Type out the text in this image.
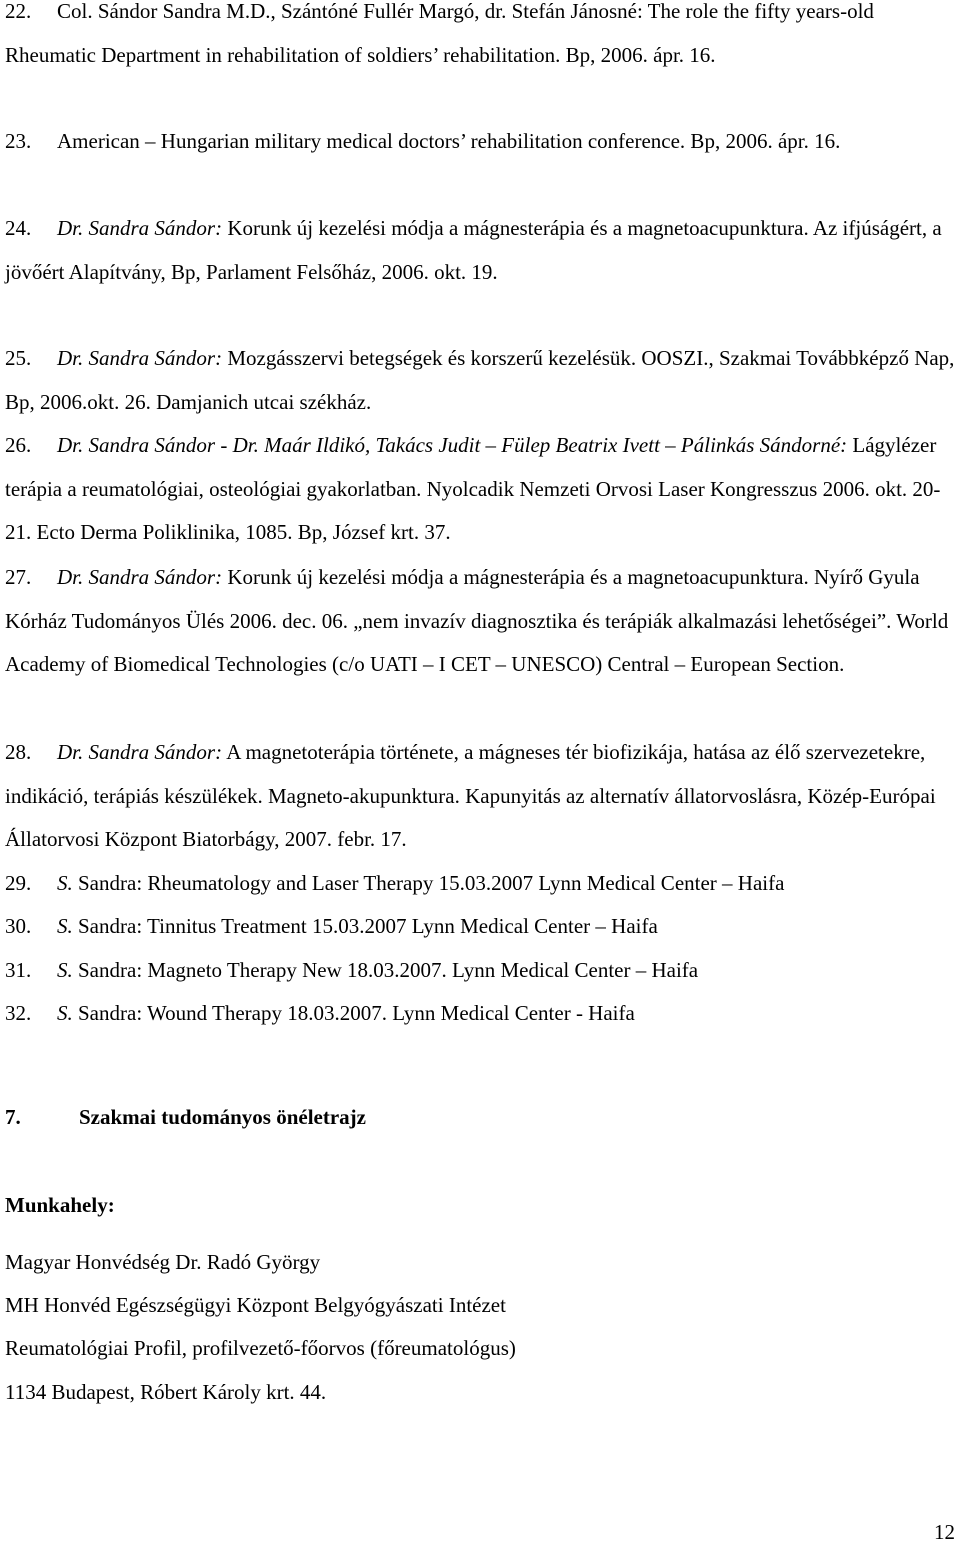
22. Col. Sándor Sandra M.D., Szántóné Fullér Margó, dr. Stefán Jánosné: The role the fifty years-old Rheumatic Department in rehabilitation of soldiers’ rehabilitation. Bp, 2006. ápr. 16.

23. American – Hungarian military medical doctors’ rehabilitation conference. Bp, 2006. ápr. 16.

24. Dr. Sandra Sándor: Korunk új kezelési módja a mágnesterápia és a magnetoacupunktura. Az ifjúságért, a jövőért Alapítvány, Bp, Parlament Felsőház, 2006. okt. 19.

25. Dr. Sandra Sándor: Mozgásszervi betegségek és korszerű kezelésük. OOSZI., Szakmai Továbbképző Nap, Bp, 2006.okt. 26. Damjanich utcai székház.

26. Dr. Sandra Sándor - Dr. Maár Ildikó, Takács Judit – Fülep Beatrix Ivett – Pálinkás Sándorné: Lágylézer terápia a reumatológiai, osteológiai gyakorlatban. Nyolcadik Nemzeti Orvosi Laser Kongresszus 2006. okt. 20-21. Ecto Derma Poliklinika, 1085. Bp, József krt. 37.

27. Dr. Sandra Sándor: Korunk új kezelési módja a mágnesterápia és a magnetoacupunktura. Nyírő Gyula Kórház Tudományos Ülés 2006. dec. 06. „nem invazív diagnosztika és terápiák alkalmazási lehetőségei”. World Academy of Biomedical Technologies (c/o UATI – I CET – UNESCO) Central – European Section.

28. Dr. Sandra Sándor: A magnetoterápia története, a mágneses tér biofizikája, hatása az élő szervezetekre, indikáció, terápiás készülékek. Magneto-akupunktura. Kapunyitás az alternatív állatorvoslásra, Közép-Európai Állatorvosi Központ Biatorbágy, 2007. febr. 17.

29. S. Sandra: Rheumatology and Laser Therapy 15.03.2007 Lynn Medical Center – Haifa

30. S. Sandra: Tinnitus Treatment 15.03.2007 Lynn Medical Center – Haifa

31. S. Sandra: Magneto Therapy New 18.03.2007. Lynn Medical Center – Haifa

32. S. Sandra: Wound Therapy 18.03.2007. Lynn Medical Center - Haifa

7.	Szakmai tudományos önéletrajz

Munkahely:

Magyar Honvédség Dr. Radó György
MH Honvéd Egészségügyi Központ Belgyógyászati Intézet
Reumatológiai Profil, profilvezető-főorvos (főreumatológus)
1134 Budapest, Róbert Károly krt. 44.
12
